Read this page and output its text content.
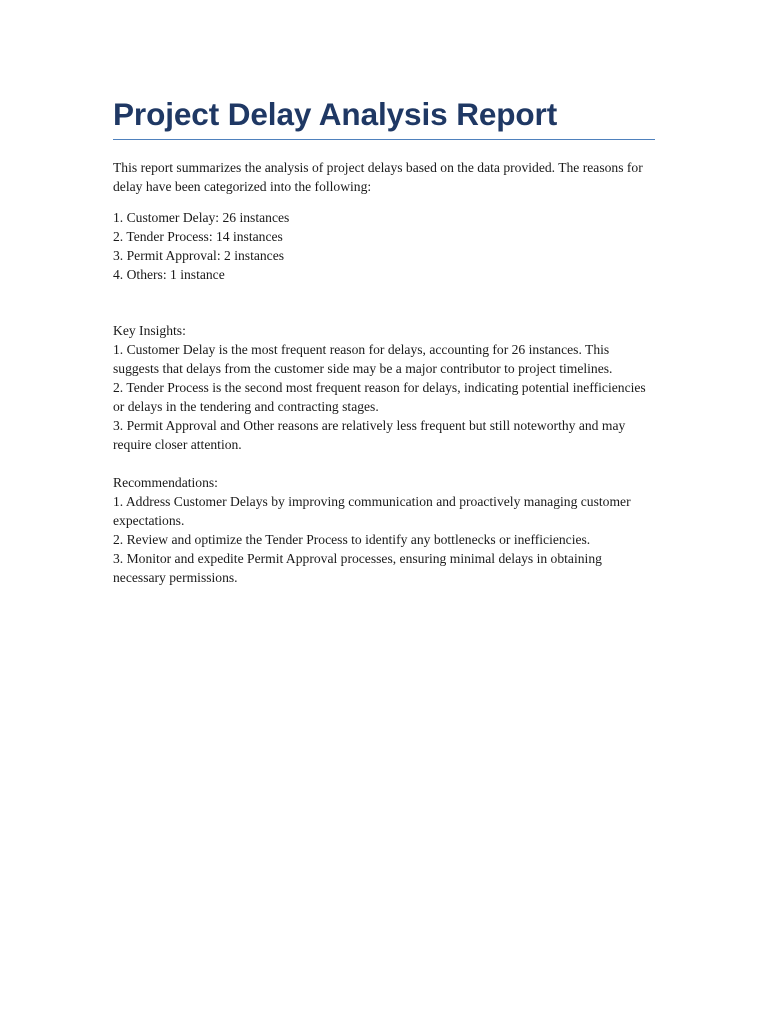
Project Delay Analysis Report

This report summarizes the analysis of project delays based on the data provided. The reasons for delay have been categorized into the following:

1. Customer Delay: 26 instances

2. Tender Process: 14 instances

3. Permit Approval: 2 instances

4. Others: 1 instance

Key Insights:

1. Customer Delay is the most frequent reason for delays, accounting for 26 instances. This suggests that delays from the customer side may be a major contributor to project timelines.

2. Tender Process is the second most frequent reason for delays, indicating potential inefficiencies or delays in the tendering and contracting stages.

3. Permit Approval and Other reasons are relatively less frequent but still noteworthy and may require closer attention.

Recommendations:

1. Address Customer Delays by improving communication and proactively managing customer expectations.

2. Review and optimize the Tender Process to identify any bottlenecks or inefficiencies.

3. Monitor and expedite Permit Approval processes, ensuring minimal delays in obtaining necessary permissions.
